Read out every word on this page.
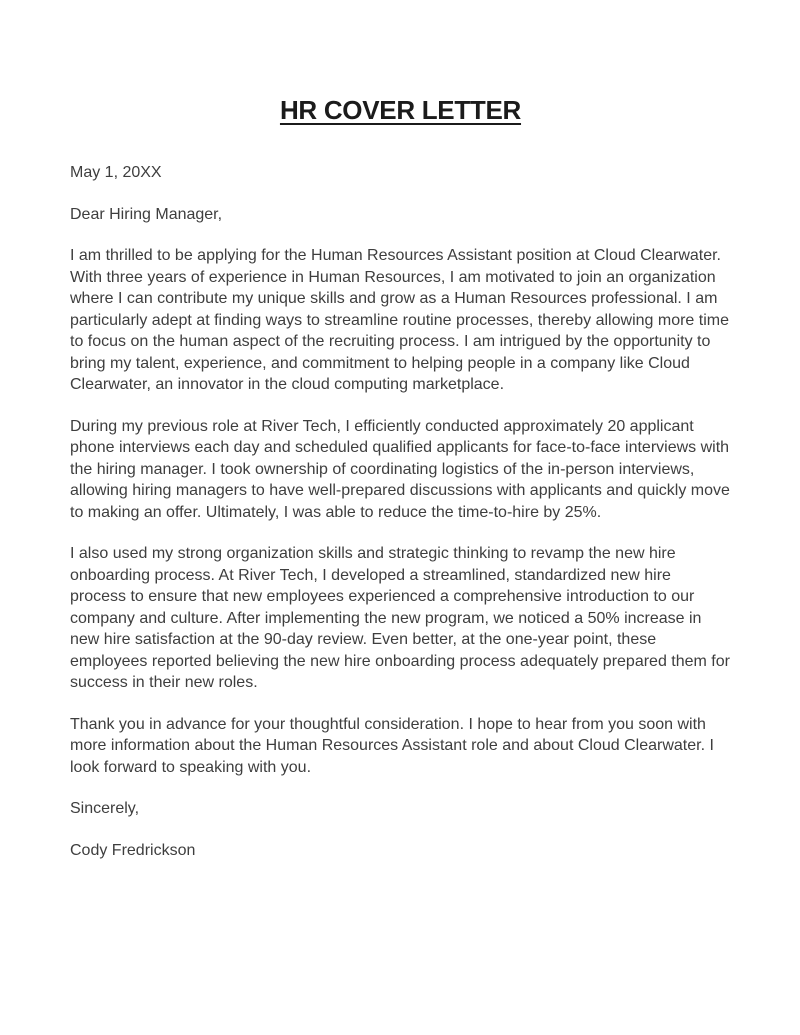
HR COVER LETTER

May 1, 20XX

Dear Hiring Manager,

I am thrilled to be applying for the Human Resources Assistant position at Cloud Clearwater. With three years of experience in Human Resources, I am motivated to join an organization where I can contribute my unique skills and grow as a Human Resources professional. I am particularly adept at finding ways to streamline routine processes, thereby allowing more time to focus on the human aspect of the recruiting process. I am intrigued by the opportunity to bring my talent, experience, and commitment to helping people in a company like Cloud Clearwater, an innovator in the cloud computing marketplace.

During my previous role at River Tech, I efficiently conducted approximately 20 applicant phone interviews each day and scheduled qualified applicants for face-to-face interviews with the hiring manager. I took ownership of coordinating logistics of the in-person interviews, allowing hiring managers to have well-prepared discussions with applicants and quickly move to making an offer. Ultimately, I was able to reduce the time-to-hire by 25%.

I also used my strong organization skills and strategic thinking to revamp the new hire onboarding process. At River Tech, I developed a streamlined, standardized new hire process to ensure that new employees experienced a comprehensive introduction to our company and culture. After implementing the new program, we noticed a 50% increase in new hire satisfaction at the 90-day review. Even better, at the one-year point, these employees reported believing the new hire onboarding process adequately prepared them for success in their new roles.

Thank you in advance for your thoughtful consideration. I hope to hear from you soon with more information about the Human Resources Assistant role and about Cloud Clearwater. I look forward to speaking with you.

Sincerely,

Cody Fredrickson
